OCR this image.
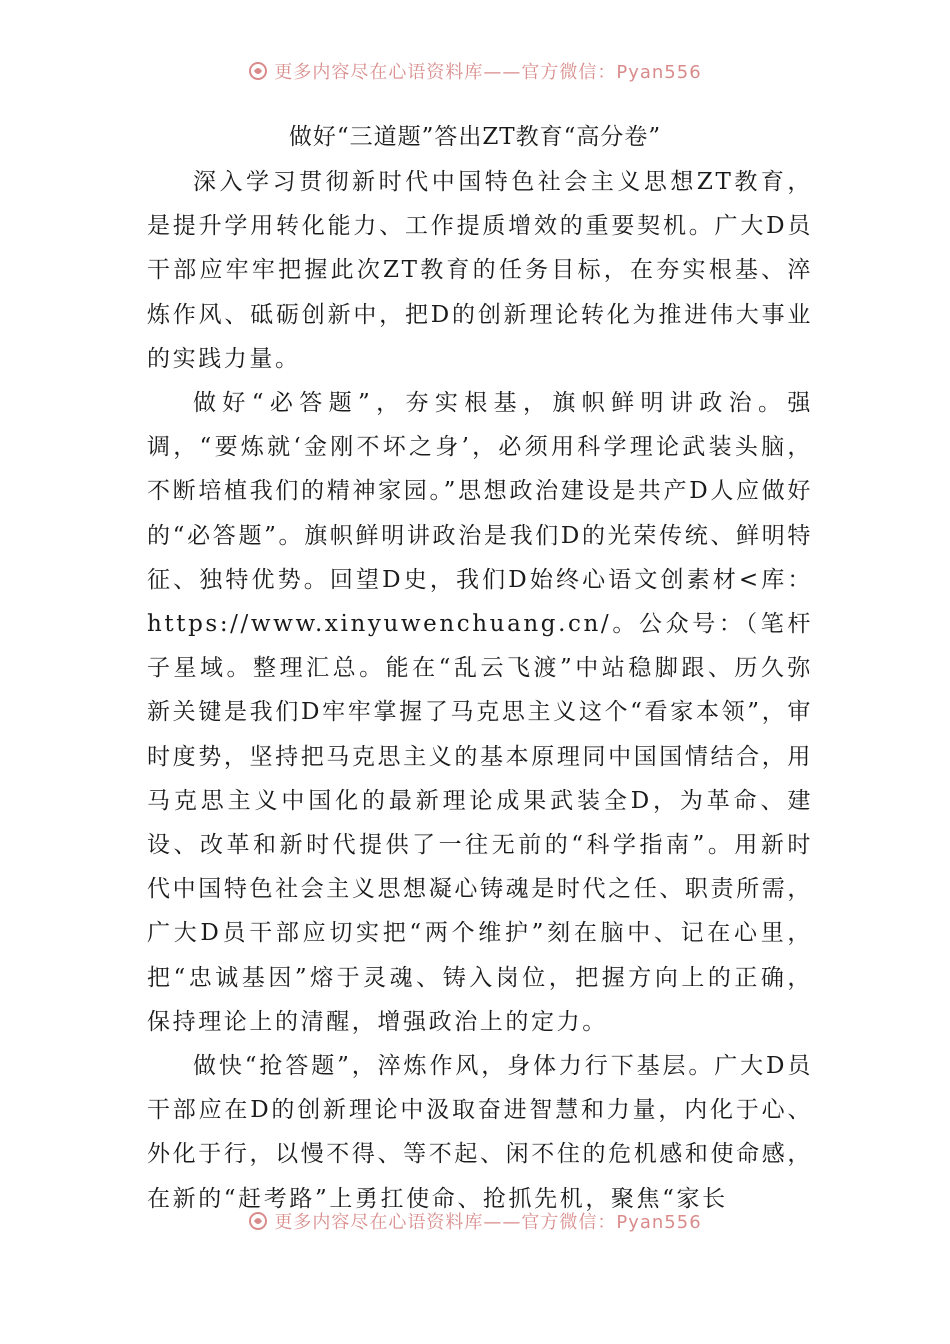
更多内容尽在心语资料库——官方微信：Pyan556
做好“三道题”答出ZT教育“高分卷”

深入学习贯彻新时代中国特色社会主义思想ZT教育，是提升学用转化能力、工作提质增效的重要契机。广大D员干部应牢牢把握此次ZT教育的任务目标，在夯实根基、淬炼作风、砥砺创新中，把D的创新理论转化为推进伟大事业的实践力量。

做好“必答题”，夯实根基，旗帜鲜明讲政治。强调，“要炼就‘金刚不坏之身’，必须用科学理论武装头脑，不断培植我们的精神家园。”思想政治建设是共产D人应做好的“必答题”。旗帜鲜明讲政治是我们D的光荣传统、鲜明特征、独特优势。回望D史，我们D始终心语文创素材<库：https://www.xinyuwenchuang.cn/。公众号：（笔杆子星域。整理汇总。能在“乱云飞渡”中站稳脚跟、历久弥新关键是我们D牢牢掌握了马克思主义这个“看家本领”，审时度势，坚持把马克思主义的基本原理同中国国情结合，用马克思主义中国化的最新理论成果武装全D，为革命、建设、改革和新时代提供了一往无前的“科学指南”。用新时代中国特色社会主义思想凝心铸魂是时代之任、职责所需，广大D员干部应切实把“两个维护”刻在脑中、记在心里，把“忠诚基因”熔于灵魂、铸入岗位，把握方向上的正确，保持理论上的清醒，增强政治上的定力。

做快“抢答题”，淬炼作风，身体力行下基层。广大D员干部应在D的创新理论中汲取奋进智慧和力量，内化于心、外化于行，以慢不得、等不起、闲不住的危机感和使命感，在新的“赶考路”上勇扛使命、抢抓先机，聚焦“家长

更多内容尽在心语资料库——官方微信：Pyan556
